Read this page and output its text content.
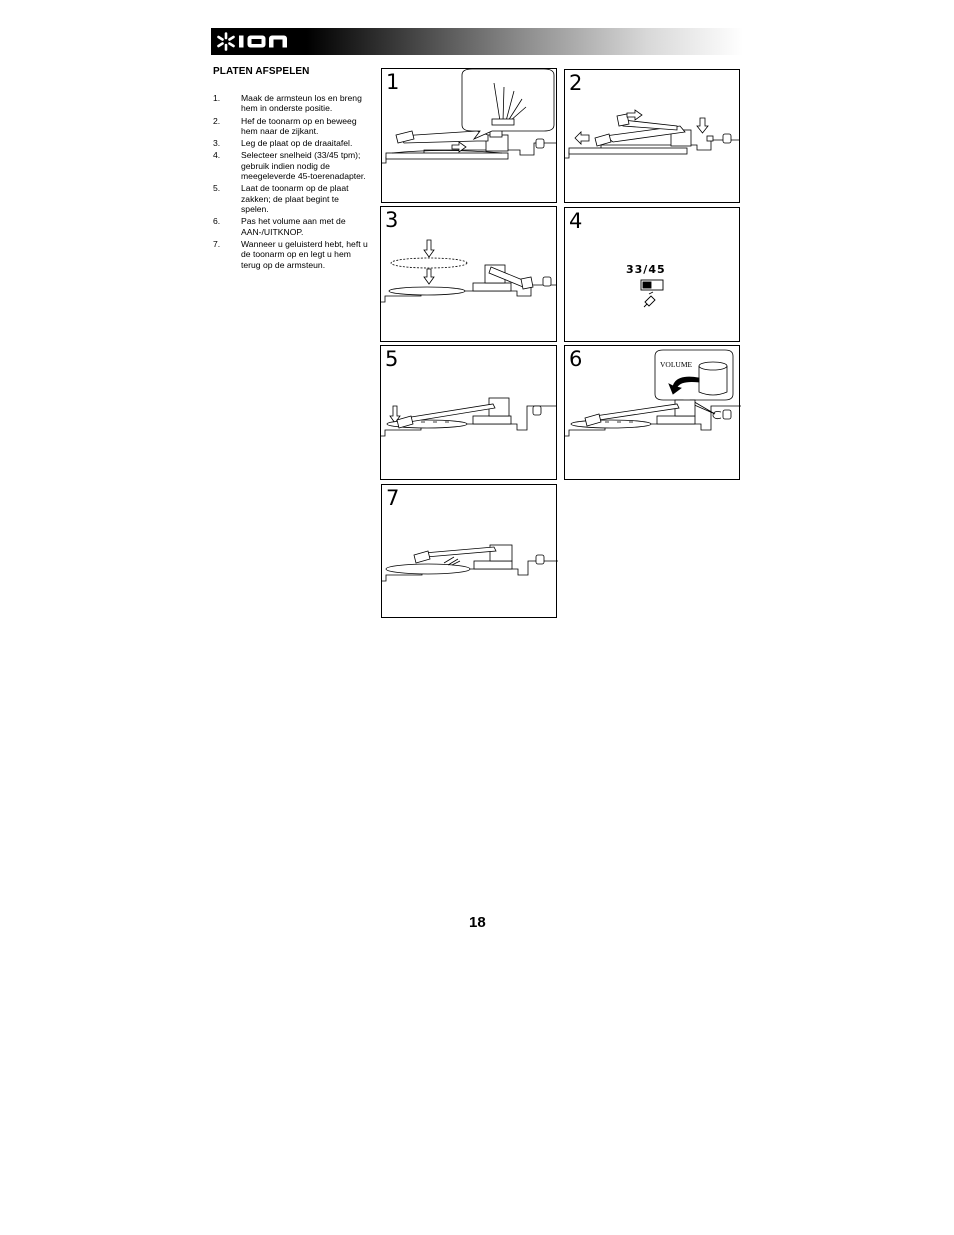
PLATEN AFSPELEN
1. Maak de armsteun los en breng hem in onderste positie.
2. Hef de toonarm op en beweeg hem naar de zijkant.
3. Leg de plaat op de draaitafel.
4. Selecteer snelheid (33/45 tpm); gebruik indien nodig de meegeleverde 45-toerenadapter.
5. Laat de toonarm op de plaat zakken; de plaat begint te spelen.
6. Pas het volume aan met de AAN-/UITKNOP.
7. Wanneer u geluisterd hebt, heft u de toonarm op en legt u hem terug op de armsteun.
1	2
3	4
33/45
5	6	VOLUME
7
18
